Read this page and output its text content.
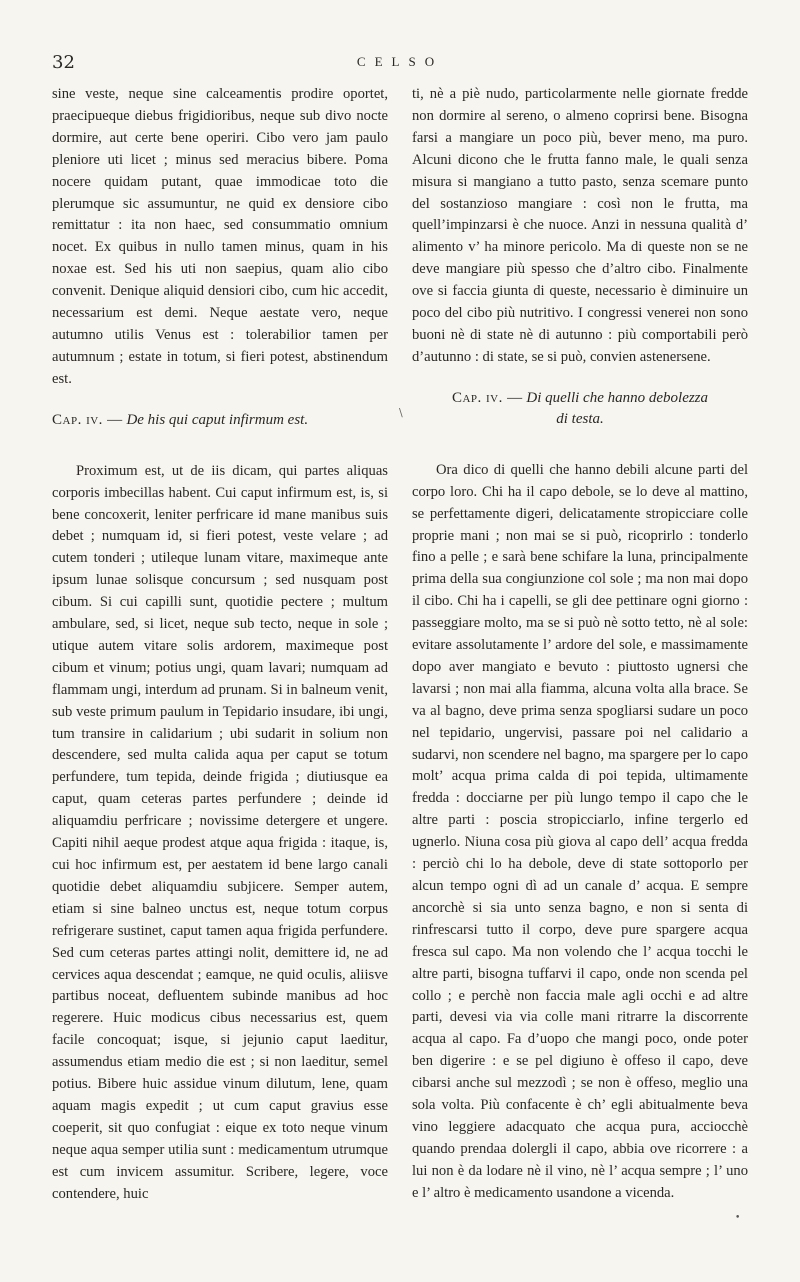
32	CELSO

sine veste, neque sine calceamentis prodire oportet, praecipueque diebus frigidioribus, neque sub divo nocte dormire, aut certe bene operiri. Cibo vero jam paulo pleniore uti licet ; minus sed meracius bibere. Poma nocere quidam putant, quae immodicae toto die plerumque sic assumuntur, ne quid ex densiore cibo remittatur : ita non haec, sed consummatio omnium nocet. Ex quibus in nullo tamen minus, quam in his noxae est. Sed his uti non saepius, quam alio cibo convenit. Denique aliquid densiori cibo, cum hic accedit, necessarium est demi. Neque aestate vero, neque autumno utilis Venus est : tolerabilior tamen per autumnum ; estate in totum, si fieri potest, abstinendum est.

Cap. iv. — De his qui caput infirmum est.

Proximum est, ut de iis dicam, qui partes aliquas corporis imbecillas habent. Cui caput infirmum est, is, si bene concoxerit, leniter perfricare id mane manibus suis debet ; numquam id, si fieri potest, veste velare ; ad cutem tonderi ; utileque lunam vitare, maximeque ante ipsum lunae solisque concursum ; sed nusquam post cibum. Si cui capilli sunt, quotidie pectere ; multum ambulare, sed, si licet, neque sub tecto, neque in sole ; utique autem vitare solis ardorem, maximeque post cibum et vinum; potius ungi, quam lavari; numquam ad flammam ungi, interdum ad prunam. Si in balneum venit, sub veste primum paulum in Tepidario insudare, ibi ungi, tum transire in calidarium ; ubi sudarit in solium non descendere, sed multa calida aqua per caput se totum perfundere, tum tepida, deinde frigida ; diutiusque ea caput, quam ceteras partes perfundere ; deinde id aliquamdiu perfricare ; novissime detergere et ungere. Capiti nihil aeque prodest atque aqua frigida : itaque, is, cui hoc infirmum est, per aestatem id bene largo canali quotidie debet aliquamdiu subjicere. Semper autem, etiam si sine balneo unctus est, neque totum corpus refrigerare sustinet, caput tamen aqua frigida perfundere. Sed cum ceteras partes attingi nolit, demittere id, ne ad cervices aqua descendat ; eamque, ne quid oculis, aliisve partibus noceat, defluentem subinde manibus ad hoc regerere. Huic modicus cibus necessarius est, quem facile concoquat; isque, si jejunio caput laeditur, assumendus etiam medio die est ; si non laeditur, semel potius. Bibere huic assidue vinum dilutum, lene, quam aquam magis expedit ; ut cum caput gravius esse coeperit, sit quo confugiat : eique ex toto neque vinum neque aqua semper utilia sunt : medicamentum utrumque est cum invicem assumitur. Scribere, legere, voce contendere, huic

ti, nè a piè nudo, particolarmente nelle giornate fredde non dormire al sereno, o almeno coprirsi bene. Bisogna farsi a mangiare un poco più, bever meno, ma puro. Alcuni dicono che le frutta fanno male, le quali senza misura si mangiano a tutto pasto, senza scemare punto del sostanzioso mangiare : così non le frutta, ma quell’impinzarsi è che nuoce. Anzi in nessuna qualità d’ alimento v’ ha minore pericolo. Ma di queste non se ne deve mangiare più spesso che d’altro cibo. Finalmente ove si faccia giunta di queste, necessario è diminuire un poco del cibo più nutritivo. I congressi venerei non sono buoni nè di state nè di autunno : più comportabili però d’autunno : di state, se si può, convien astenersene.

Cap. iv. — Di quelli che hanno debolezza
di testa.

Ora dico di quelli che hanno debili alcune parti del corpo loro. Chi ha il capo debole, se lo deve al mattino, se perfettamente digeri, delicatamente stropicciare colle proprie mani ; non mai se si può, ricoprirlo : tonderlo fino a pelle ; e sarà bene schifare la luna, principalmente prima della sua congiunzione col sole ; ma non mai dopo il cibo. Chi ha i capelli, se gli dee pettinare ogni giorno : passeggiare molto, ma se si può nè sotto tetto, nè al sole: evitare assolutamente l’ ardore del sole, e massimamente dopo aver mangiato e bevuto : piuttosto ugnersi che lavarsi ; non mai alla fiamma, alcuna volta alla brace. Se va al bagno, deve prima senza spogliarsi sudare un poco nel tepidario, ungervisi, passare poi nel calidario a sudarvi, non scendere nel bagno, ma spargere per lo capo molt’ acqua prima calda di poi tepida, ultimamente fredda : docciarne per più lungo tempo il capo che le altre parti : poscia stropicciarlo, infine tergerlo ed ugnerlo. Niuna cosa più giova al capo dell’ acqua fredda : perciò chi lo ha debole, deve di state sottoporlo per alcun tempo ogni dì ad un canale d’ acqua. E sempre ancorchè si sia unto senza bagno, e non si senta di rinfrescarsi tutto il corpo, deve pure spargere acqua fresca sul capo. Ma non volendo che l’ acqua tocchi le altre parti, bisogna tuffarvi il capo, onde non scenda pel collo ; e perchè non faccia male agli occhi e ad altre parti, devesi via via colle mani ritrarre la discorrente acqua al capo. Fa d’uopo che mangi poco, onde poter ben digerire : e se pel digiuno è offeso il capo, deve cibarsi anche sul mezzodì ; se non è offeso, meglio una sola volta. Più confacente è ch’ egli abitualmente beva vino leggiere adacquato che acqua pura, acciocchè quando prendaa dolergli il capo, abbia ove ricorrere : a lui non è da lodare nè il vino, nè l’ acqua sempre ; l’ uno e l’ altro è medicamento usandone a vicenda.

\
•
